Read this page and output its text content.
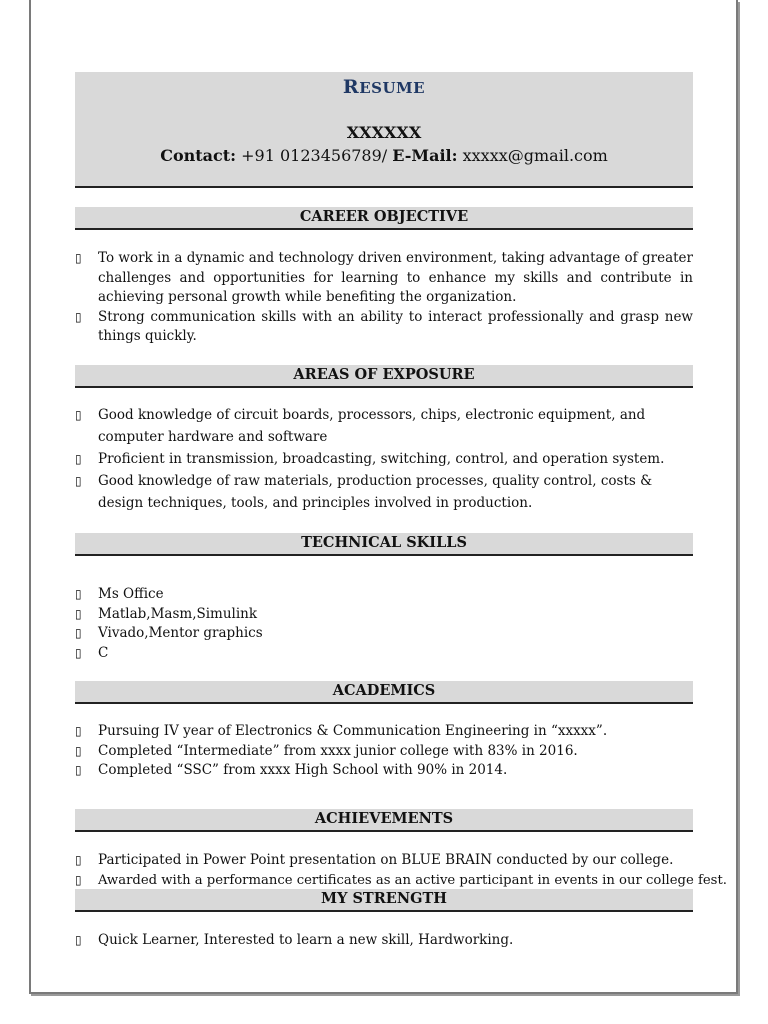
RESUME
XXXXXX
Contact: +91 0123456789/ E-Mail: xxxxx@gmail.com
CAREER OBJECTIVE
▯ To work in a dynamic and technology driven environment, taking advantage of greater challenges and opportunities for learning to enhance my skills and contribute in achieving personal growth while benefiting the organization.
▯ Strong communication skills with an ability to interact professionally and grasp new things quickly.
AREAS OF EXPOSURE
▯ Good knowledge of circuit boards, processors, chips, electronic equipment, and computer hardware and software
▯ Proficient in transmission, broadcasting, switching, control, and operation system.
▯ Good knowledge of raw materials, production processes, quality control, costs & design techniques, tools, and principles involved in production.
TECHNICAL SKILLS
▯ Ms Office
▯ Matlab,Masm,Simulink
▯ Vivado,Mentor graphics
▯ C
ACADEMICS
▯ Pursuing IV year of Electronics & Communication Engineering in “xxxxx”.
▯ Completed “Intermediate” from xxxx junior college with 83% in 2016.
▯ Completed “SSC” from xxxx High School with 90% in 2014.
ACHIEVEMENTS
▯ Participated in Power Point presentation on BLUE BRAIN conducted by our college.
▯ Awarded with a performance certificates as an active participant in events in our college fest.
MY STRENGTH
▯ Quick Learner, Interested to learn a new skill, Hardworking.
